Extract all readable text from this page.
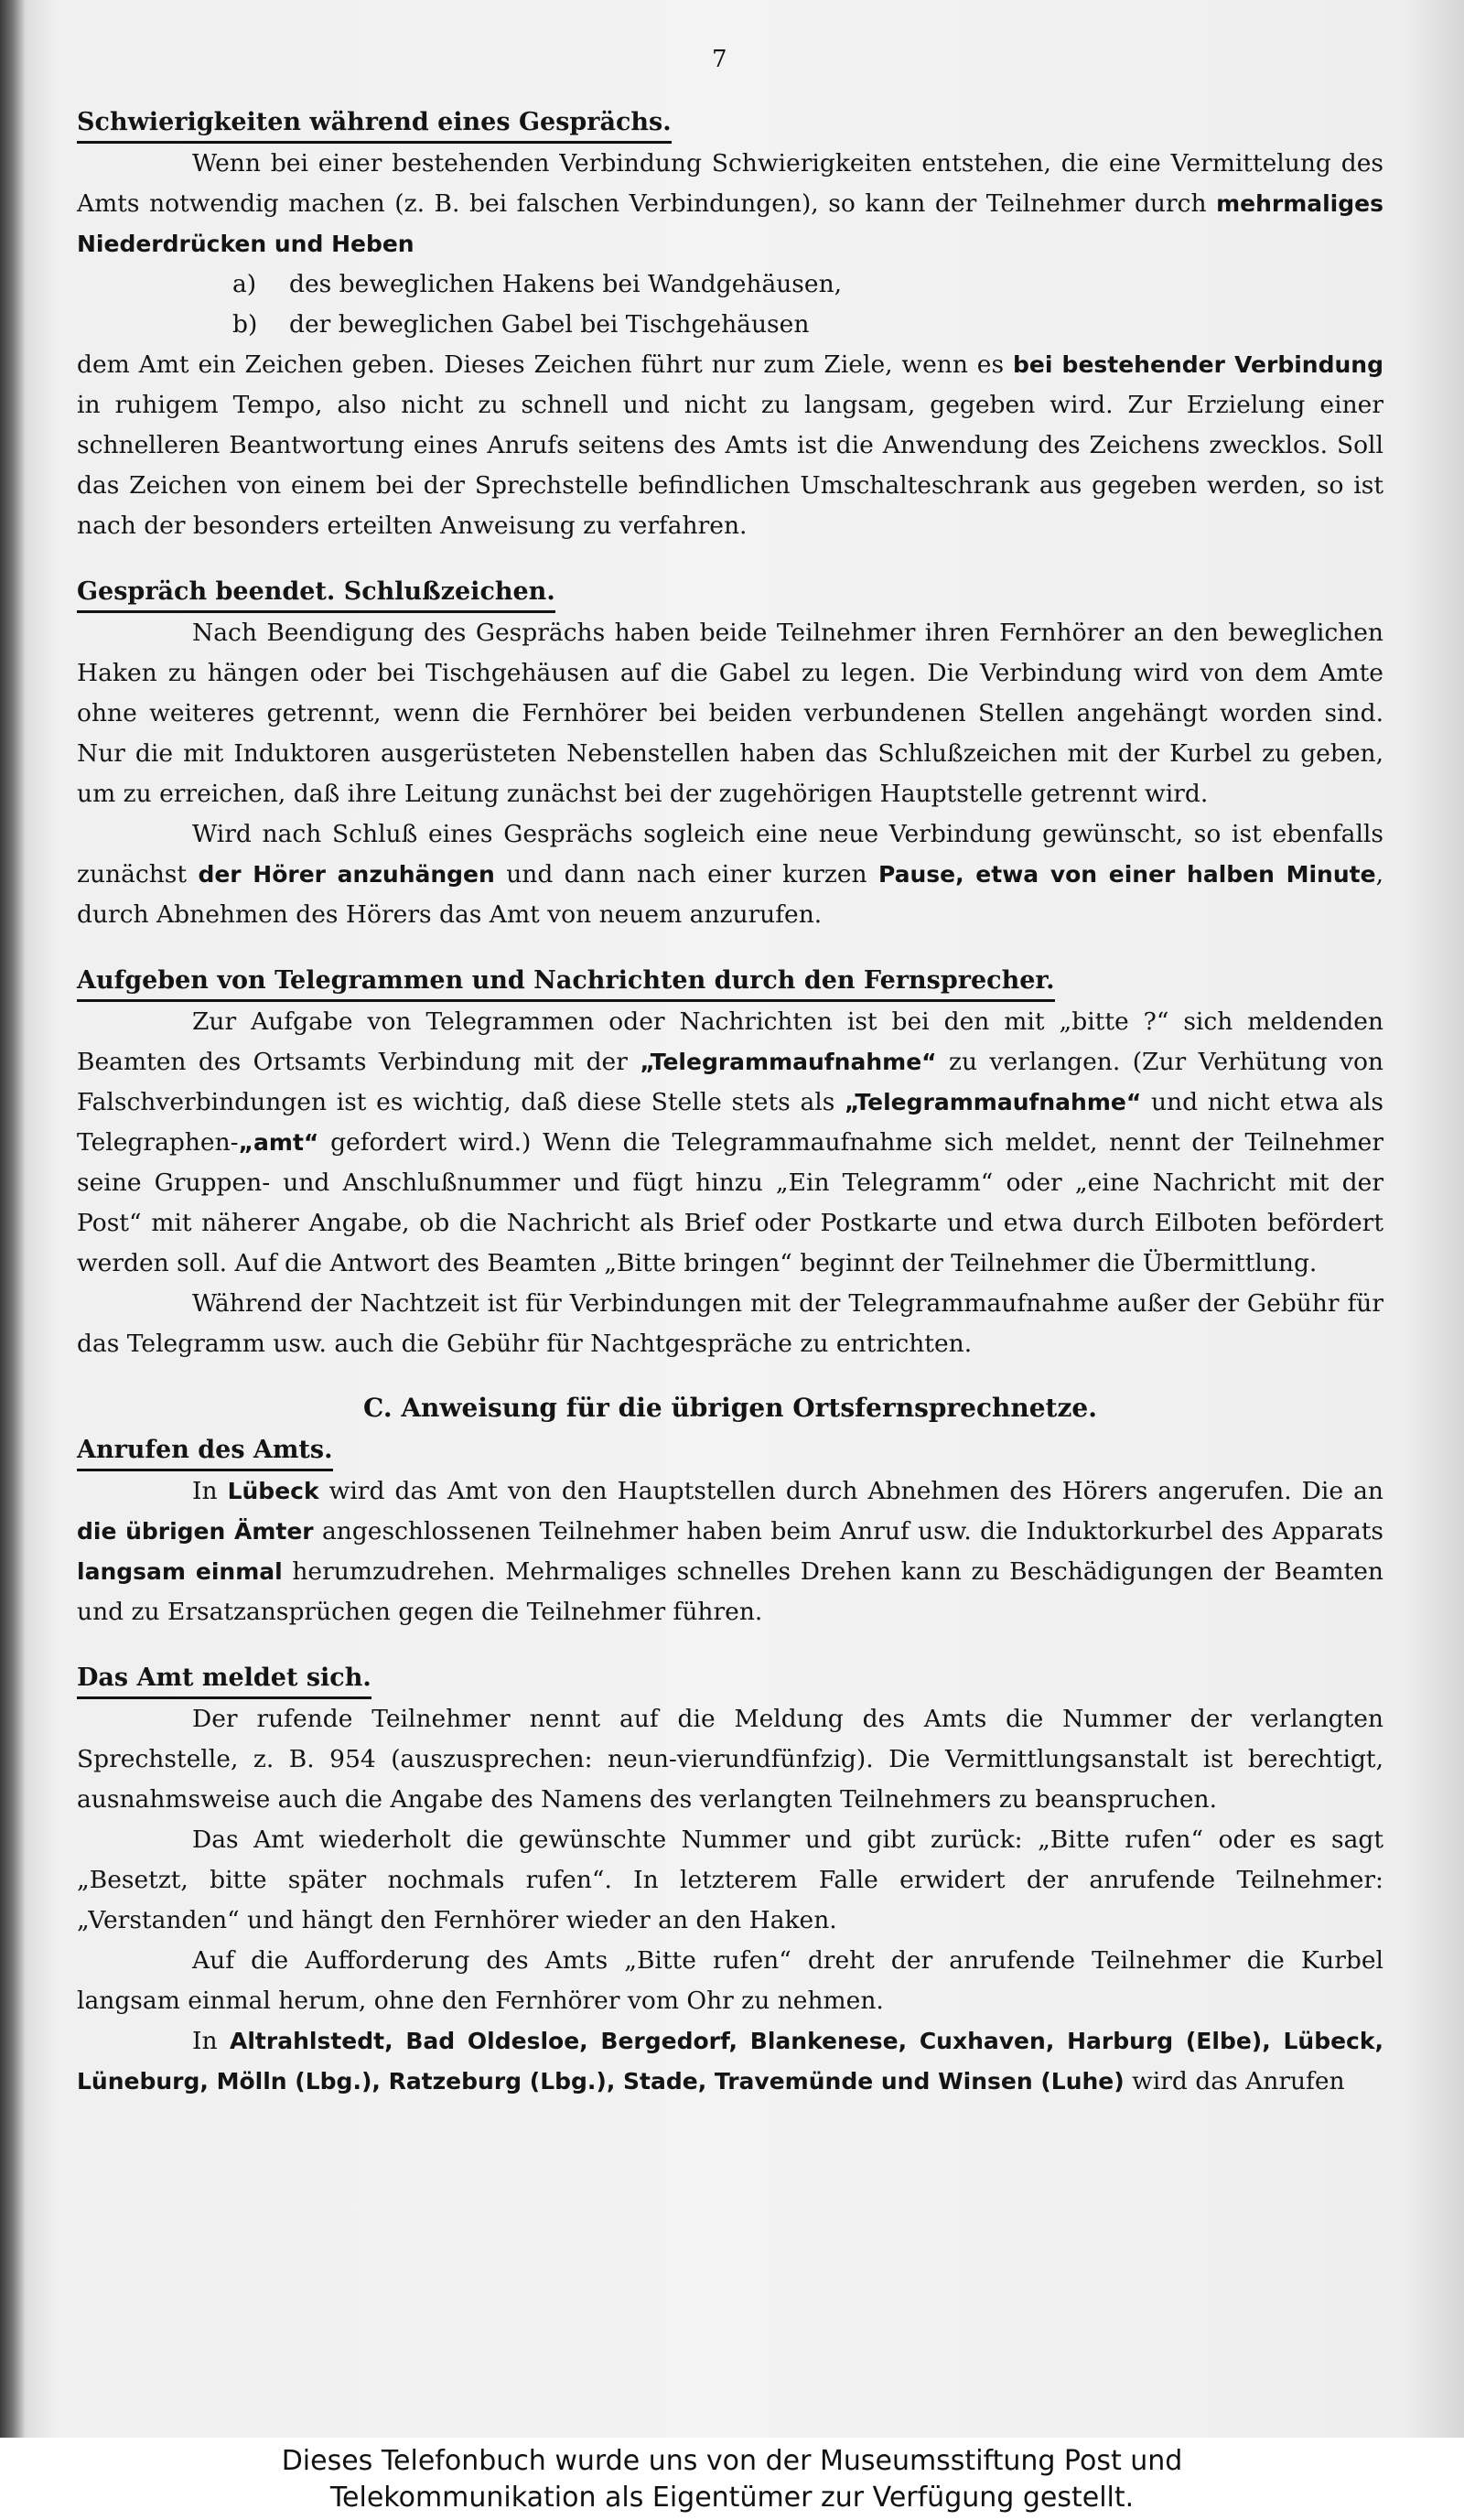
7
Schwierigkeiten während eines Gesprächs.

Wenn bei einer bestehenden Verbindung Schwierigkeiten entstehen, die eine Vermittelung des Amts notwendig machen (z. B. bei falschen Verbindungen), so kann der Teilnehmer durch mehrmaliges Niederdrücken und Heben

a) des beweglichen Hakens bei Wandgehäusen,

b) der beweglichen Gabel bei Tischgehäusen

dem Amt ein Zeichen geben. Dieses Zeichen führt nur zum Ziele, wenn es bei bestehender Verbindung in ruhigem Tempo, also nicht zu schnell und nicht zu langsam, gegeben wird. Zur Erzielung einer schnelleren Beantwortung eines Anrufs seitens des Amts ist die Anwendung des Zeichens zwecklos. Soll das Zeichen von einem bei der Sprechstelle befindlichen Umschalteschrank aus gegeben werden, so ist nach der besonders erteilten Anweisung zu verfahren.

Gespräch beendet. Schlußzeichen.

Nach Beendigung des Gesprächs haben beide Teilnehmer ihren Fernhörer an den beweglichen Haken zu hängen oder bei Tischgehäusen auf die Gabel zu legen. Die Verbindung wird von dem Amte ohne weiteres getrennt, wenn die Fernhörer bei beiden verbundenen Stellen angehängt worden sind. Nur die mit Induktoren ausgerüsteten Nebenstellen haben das Schlußzeichen mit der Kurbel zu geben, um zu erreichen, daß ihre Leitung zunächst bei der zugehörigen Hauptstelle getrennt wird.

Wird nach Schluß eines Gesprächs sogleich eine neue Verbindung gewünscht, so ist ebenfalls zunächst der Hörer anzuhängen und dann nach einer kurzen Pause, etwa von einer halben Minute, durch Abnehmen des Hörers das Amt von neuem anzurufen.

Aufgeben von Telegrammen und Nachrichten durch den Fernsprecher.

Zur Aufgabe von Telegrammen oder Nachrichten ist bei den mit „bitte ?“ sich meldenden Beamten des Ortsamts Verbindung mit der „Telegrammaufnahme“ zu verlangen. (Zur Verhütung von Falschverbindungen ist es wichtig, daß diese Stelle stets als „Telegrammaufnahme“ und nicht etwa als Telegraphen-„amt“ gefordert wird.) Wenn die Telegrammaufnahme sich meldet, nennt der Teilnehmer seine Gruppen- und Anschlußnummer und fügt hinzu „Ein Telegramm“ oder „eine Nachricht mit der Post“ mit näherer Angabe, ob die Nachricht als Brief oder Postkarte und etwa durch Eilboten befördert werden soll. Auf die Antwort des Beamten „Bitte bringen“ beginnt der Teilnehmer die Übermittlung.

Während der Nachtzeit ist für Verbindungen mit der Telegrammaufnahme außer der Gebühr für das Telegramm usw. auch die Gebühr für Nachtgespräche zu entrichten.

C. Anweisung für die übrigen Ortsfernsprechnetze.
Anrufen des Amts.

In Lübeck wird das Amt von den Hauptstellen durch Abnehmen des Hörers angerufen. Die an die übrigen Ämter angeschlossenen Teilnehmer haben beim Anruf usw. die Induktorkurbel des Apparats langsam einmal herumzudrehen. Mehrmaliges schnelles Drehen kann zu Beschädigungen der Beamten und zu Ersatzansprüchen gegen die Teilnehmer führen.

Das Amt meldet sich.

Der rufende Teilnehmer nennt auf die Meldung des Amts die Nummer der verlangten Sprechstelle, z. B. 954 (auszusprechen: neun-vierundfünfzig). Die Vermittlungsanstalt ist berechtigt, ausnahmsweise auch die Angabe des Namens des verlangten Teilnehmers zu beanspruchen.

Das Amt wiederholt die gewünschte Nummer und gibt zurück: „Bitte rufen“ oder es sagt „Besetzt, bitte später nochmals rufen“. In letzterem Falle erwidert der anrufende Teilnehmer: „Verstanden“ und hängt den Fernhörer wieder an den Haken.

Auf die Aufforderung des Amts „Bitte rufen“ dreht der anrufende Teilnehmer die Kurbel langsam einmal herum, ohne den Fernhörer vom Ohr zu nehmen.

In Altrahlstedt, Bad Oldesloe, Bergedorf, Blankenese, Cuxhaven, Harburg (Elbe), Lübeck, Lüneburg, Mölln (Lbg.), Ratzeburg (Lbg.), Stade, Travemünde und Winsen (Luhe) wird das Anrufen

Dieses Telefonbuch wurde uns von der Museumsstiftung Post und
Telekommunikation als Eigentümer zur Verfügung gestellt.
